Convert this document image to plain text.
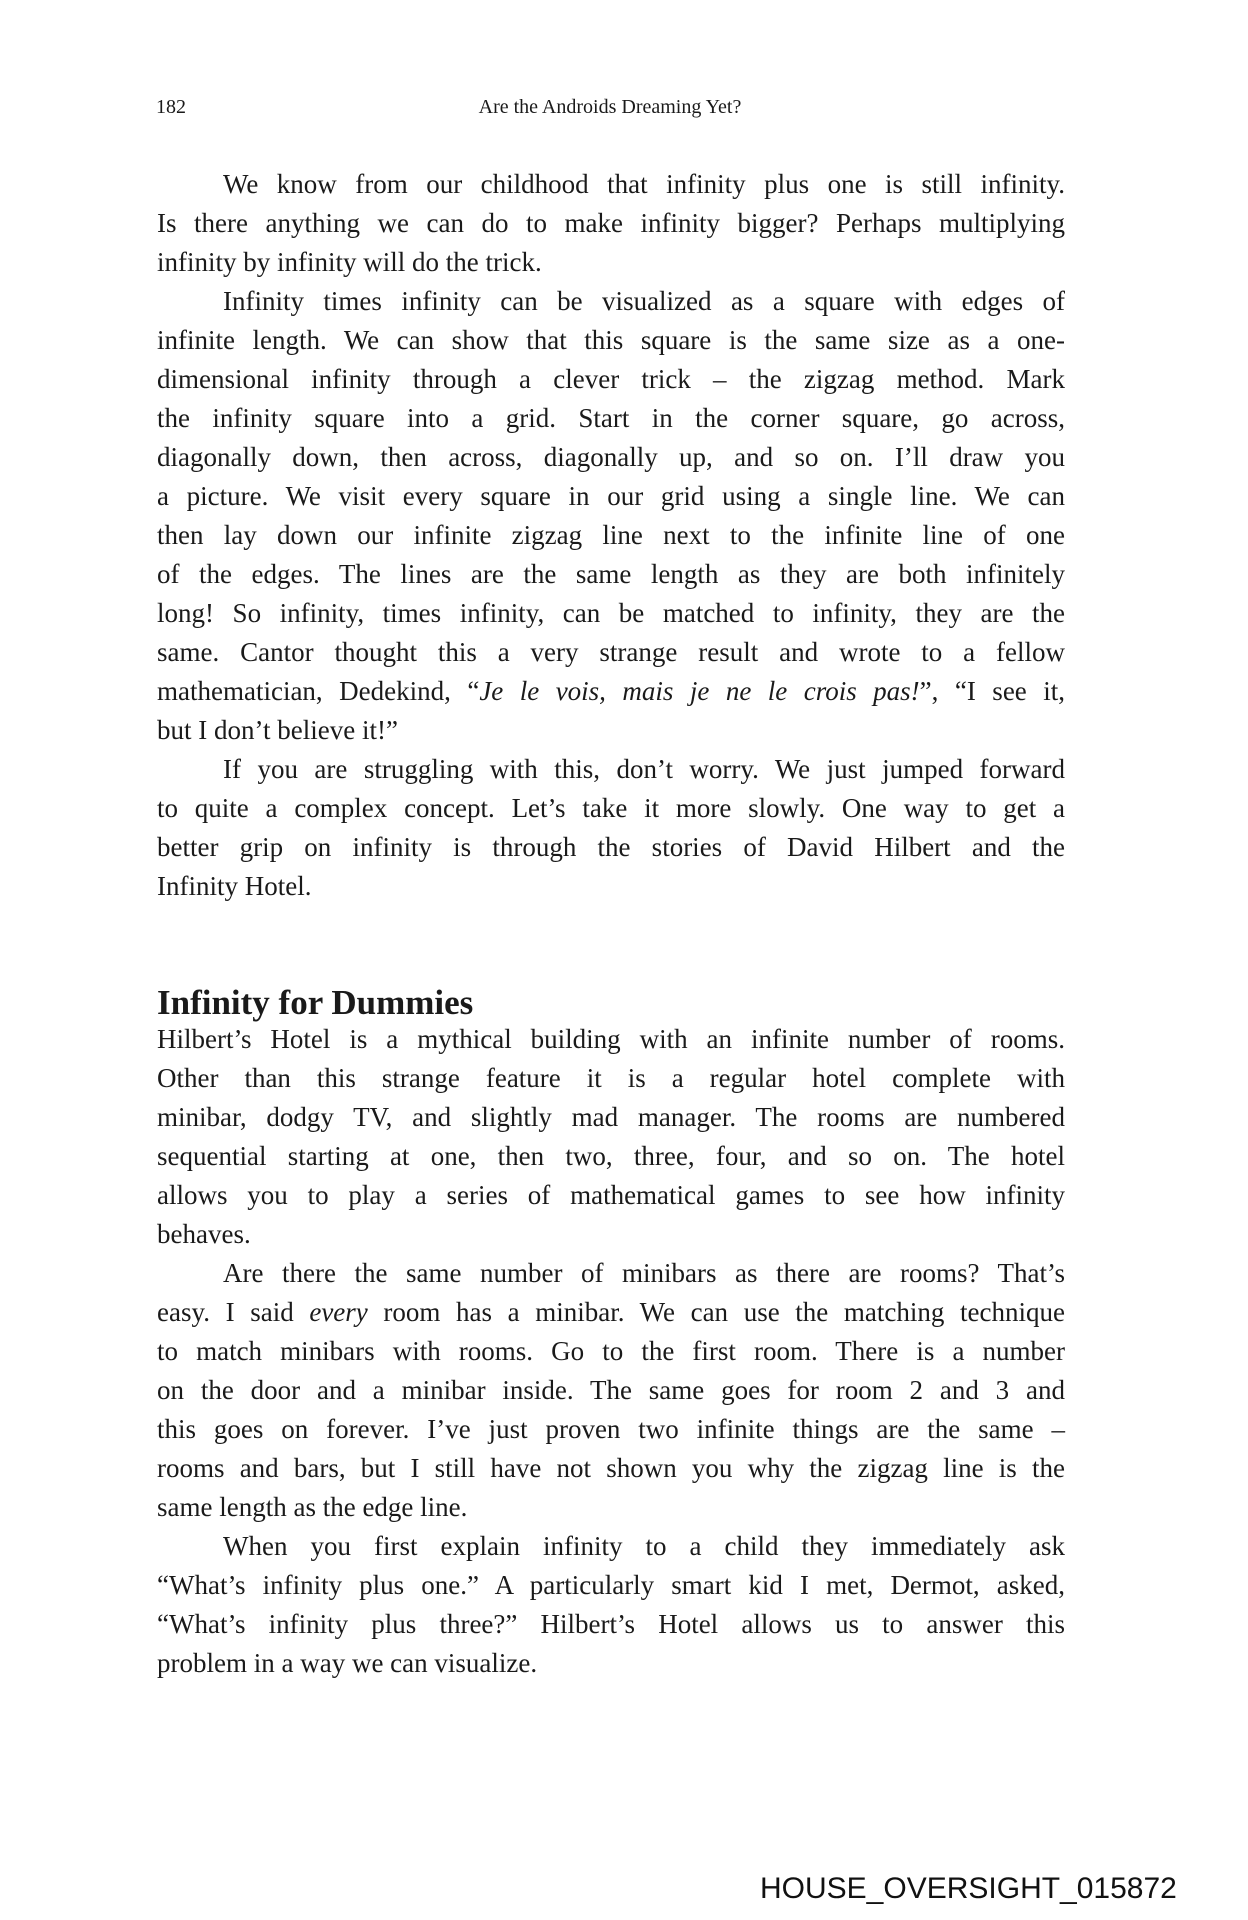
182	Are the Androids Dreaming Yet?
We know from our childhood that infinity plus one is still infinity.
Is there anything we can do to make infinity bigger? Perhaps multiplying
infinity by infinity will do the trick.
Infinity times infinity can be visualized as a square with edges of
infinite length. We can show that this square is the same size as a one-
dimensional infinity through a clever trick – the zigzag method. Mark
the infinity square into a grid. Start in the corner square, go across,
diagonally down, then across, diagonally up, and so on. I’ll draw you
a picture. We visit every square in our grid using a single line. We can
then lay down our infinite zigzag line next to the infinite line of one
of the edges. The lines are the same length as they are both infinitely
long! So infinity, times infinity, can be matched to infinity, they are the
same. Cantor thought this a very strange result and wrote to a fellow
mathematician, Dedekind, “Je le vois, mais je ne le crois pas!”, “I see it,
but I don’t believe it!”
If you are struggling with this, don’t worry. We just jumped forward
to quite a complex concept. Let’s take it more slowly. One way to get a
better grip on infinity is through the stories of David Hilbert and the
Infinity Hotel.
Infinity for Dummies
Hilbert’s Hotel is a mythical building with an infinite number of rooms.
Other than this strange feature it is a regular hotel complete with
minibar, dodgy TV, and slightly mad manager. The rooms are numbered
sequential starting at one, then two, three, four, and so on. The hotel
allows you to play a series of mathematical games to see how infinity
behaves.
Are there the same number of minibars as there are rooms? That’s
easy. I said every room has a minibar. We can use the matching technique
to match minibars with rooms. Go to the first room. There is a number
on the door and a minibar inside. The same goes for room 2 and 3 and
this goes on forever. I’ve just proven two infinite things are the same –
rooms and bars, but I still have not shown you why the zigzag line is the
same length as the edge line.
When you first explain infinity to a child they immediately ask
“What’s infinity plus one.” A particularly smart kid I met, Dermot, asked,
“What’s infinity plus three?” Hilbert’s Hotel allows us to answer this
problem in a way we can visualize.
HOUSE_OVERSIGHT_015872
